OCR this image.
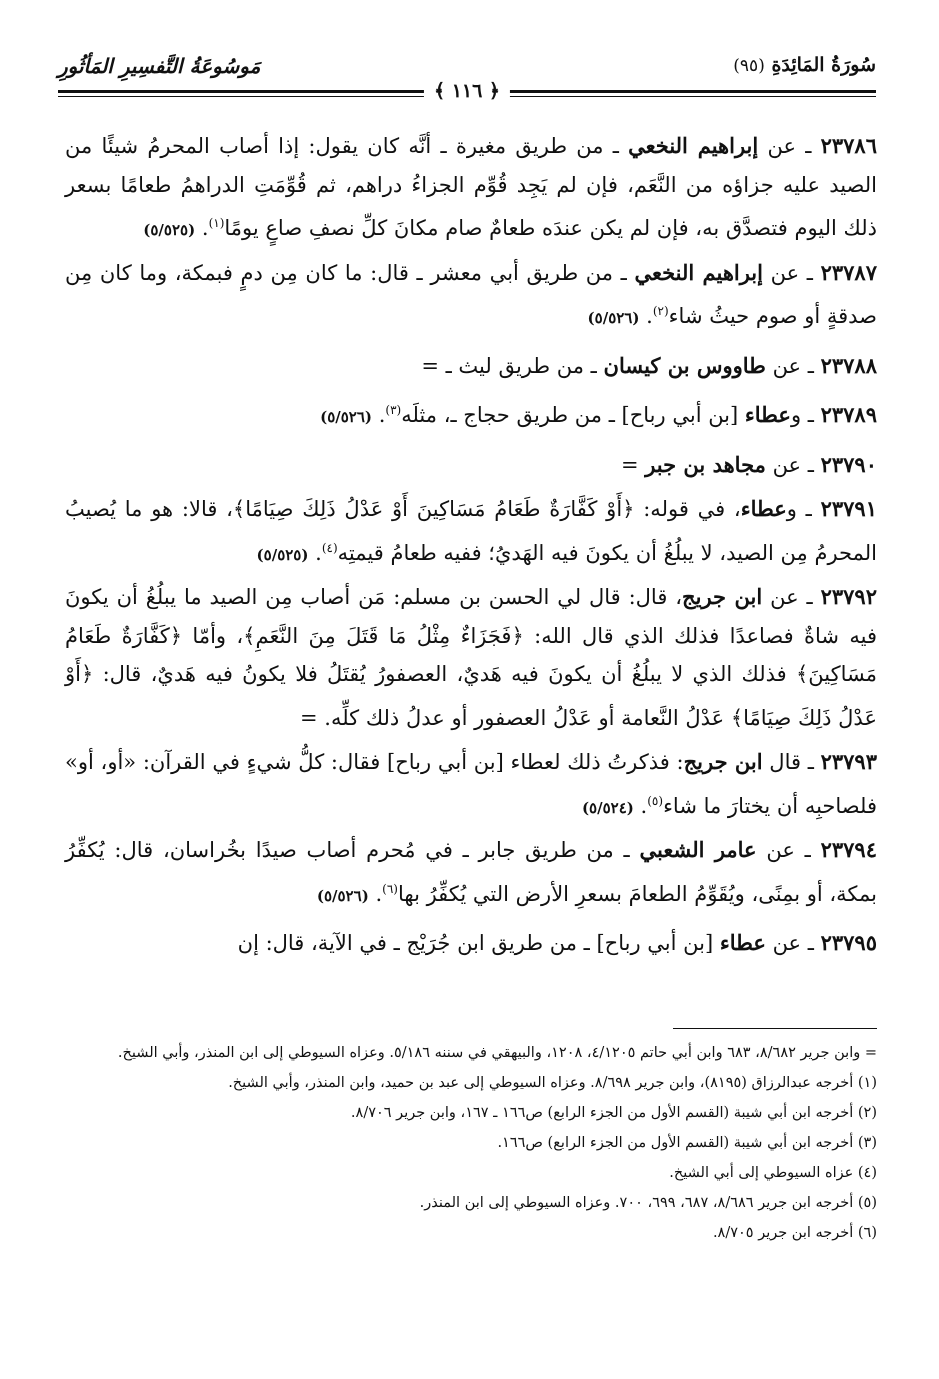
سُورَةُ المَائِدَةِ (٩٥)
﴿ ١١٦ ﴾
مَوسُوعَةُ التَّفسِيرِ المَأثُورِ

٢٣٧٨٦ ـ عن إبراهيم النخعي ـ من طريق مغيرة ـ أنَّه كان يقول: إذا أصاب المحرمُ شيئًا من الصيد عليه جزاؤه من النَّعَم، فإن لم يَجِد قُوِّم الجزاءُ دراهم، ثم قُوِّمَتِ الدراهمُ طعامًا بسعر ذلك اليوم فتصدَّق به، فإن لم يكن عندَه طعامٌ صام مكانَ كلِّ نصفِ صاعٍ يومًا$^{(١)}$. (٥/٥٢٥)

٢٣٧٨٧ ـ عن إبراهيم النخعي ـ من طريق أبي معشر ـ قال: ما كان مِن دمٍ فبمكة، وما كان مِن صدقةٍ أو صوم حيثُ شاء$^{(٢)}$. (٥/٥٢٦)

٢٣٧٨٨ ـ عن طاووس بن كيسان ـ من طريق ليث ـ =

٢٣٧٨٩ ـ وعطاء [بن أبي رباح] ـ من طريق حجاج ـ، مثلَه$^{(٣)}$. (٥/٥٢٦)

٢٣٧٩٠ ـ عن مجاهد بن جبر =

٢٣٧٩١ ـ وعطاء، في قوله: ﴿أَوْ كَفَّارَةٌ طَعَامُ مَسَاكِينَ أَوْ عَدْلُ ذَلِكَ صِيَامًا﴾، قالا: هو ما يُصيبُ المحرمُ مِن الصيد، لا يبلُغُ أن يكونَ فيه الهَديُ؛ ففيه طعامُ قيمتِه$^{(٤)}$. (٥/٥٢٥)

٢٣٧٩٢ ـ عن ابن جريج، قال: قال لي الحسن بن مسلم: مَن أصاب مِن الصيد ما يبلُغُ أن يكونَ فيه شاةٌ فصاعدًا فذلك الذي قال الله: ﴿فَجَزَاءٌ مِثْلُ مَا قَتَلَ مِنَ النَّعَمِ﴾، وأمّا ﴿كَفَّارَةٌ طَعَامُ مَسَاكِينَ﴾ فذلك الذي لا يبلُغُ أن يكونَ فيه هَديٌ، العصفورُ يُقتَلُ فلا يكونُ فيه هَديٌ، قال: ﴿أَوْ عَدْلُ ذَلِكَ صِيَامًا﴾ عَدْلُ النَّعامة أو عَدْلُ العصفور أو عدلُ ذلك كلِّه. =

٢٣٧٩٣ ـ قال ابن جريج: فذكرتُ ذلك لعطاء [بن أبي رباح] فقال: كلُّ شيءٍ في القرآن: «أو، أو» فلصاحبِه أن يختارَ ما شاء$^{(٥)}$. (٥/٥٢٤)

٢٣٧٩٤ ـ عن عامر الشعبي ـ من طريق جابر ـ في مُحرم أصاب صيدًا بخُراسان، قال: يُكفِّرُ بمكة، أو بمِنًى، ويُقَوِّمُ الطعامَ بسعرِ الأرض التي يُكفِّرُ بها$^{(٦)}$. (٥/٥٢٦)

٢٣٧٩٥ ـ عن عطاء [بن أبي رباح] ـ من طريق ابن جُرَيْج ـ في الآية، قال: إن

= وابن جرير ٨/٦٨٢، ٦٨٣ وابن أبي حاتم ٤/١٢٠٥، ١٢٠٨، والبيهقي في سننه ٥/١٨٦. وعزاه السيوطي إلى ابن المنذر، وأبي الشيخ.

(١) أخرجه عبدالرزاق (٨١٩٥)، وابن جرير ٨/٦٩٨. وعزاه السيوطي إلى عبد بن حميد، وابن المنذر، وأبي الشيخ.

(٢) أخرجه ابن أبي شيبة (القسم الأول من الجزء الرابع) ص١٦٦ ـ ١٦٧، وابن جرير ٨/٧٠٦.

(٣) أخرجه ابن أبي شيبة (القسم الأول من الجزء الرابع) ص١٦٦.

(٤) عزاه السيوطي إلى أبي الشيخ.

(٥) أخرجه ابن جرير ٨/٦٨٦، ٦٨٧، ٦٩٩، ٧٠٠. وعزاه السيوطي إلى ابن المنذر.

(٦) أخرجه ابن جرير ٨/٧٠٥.
